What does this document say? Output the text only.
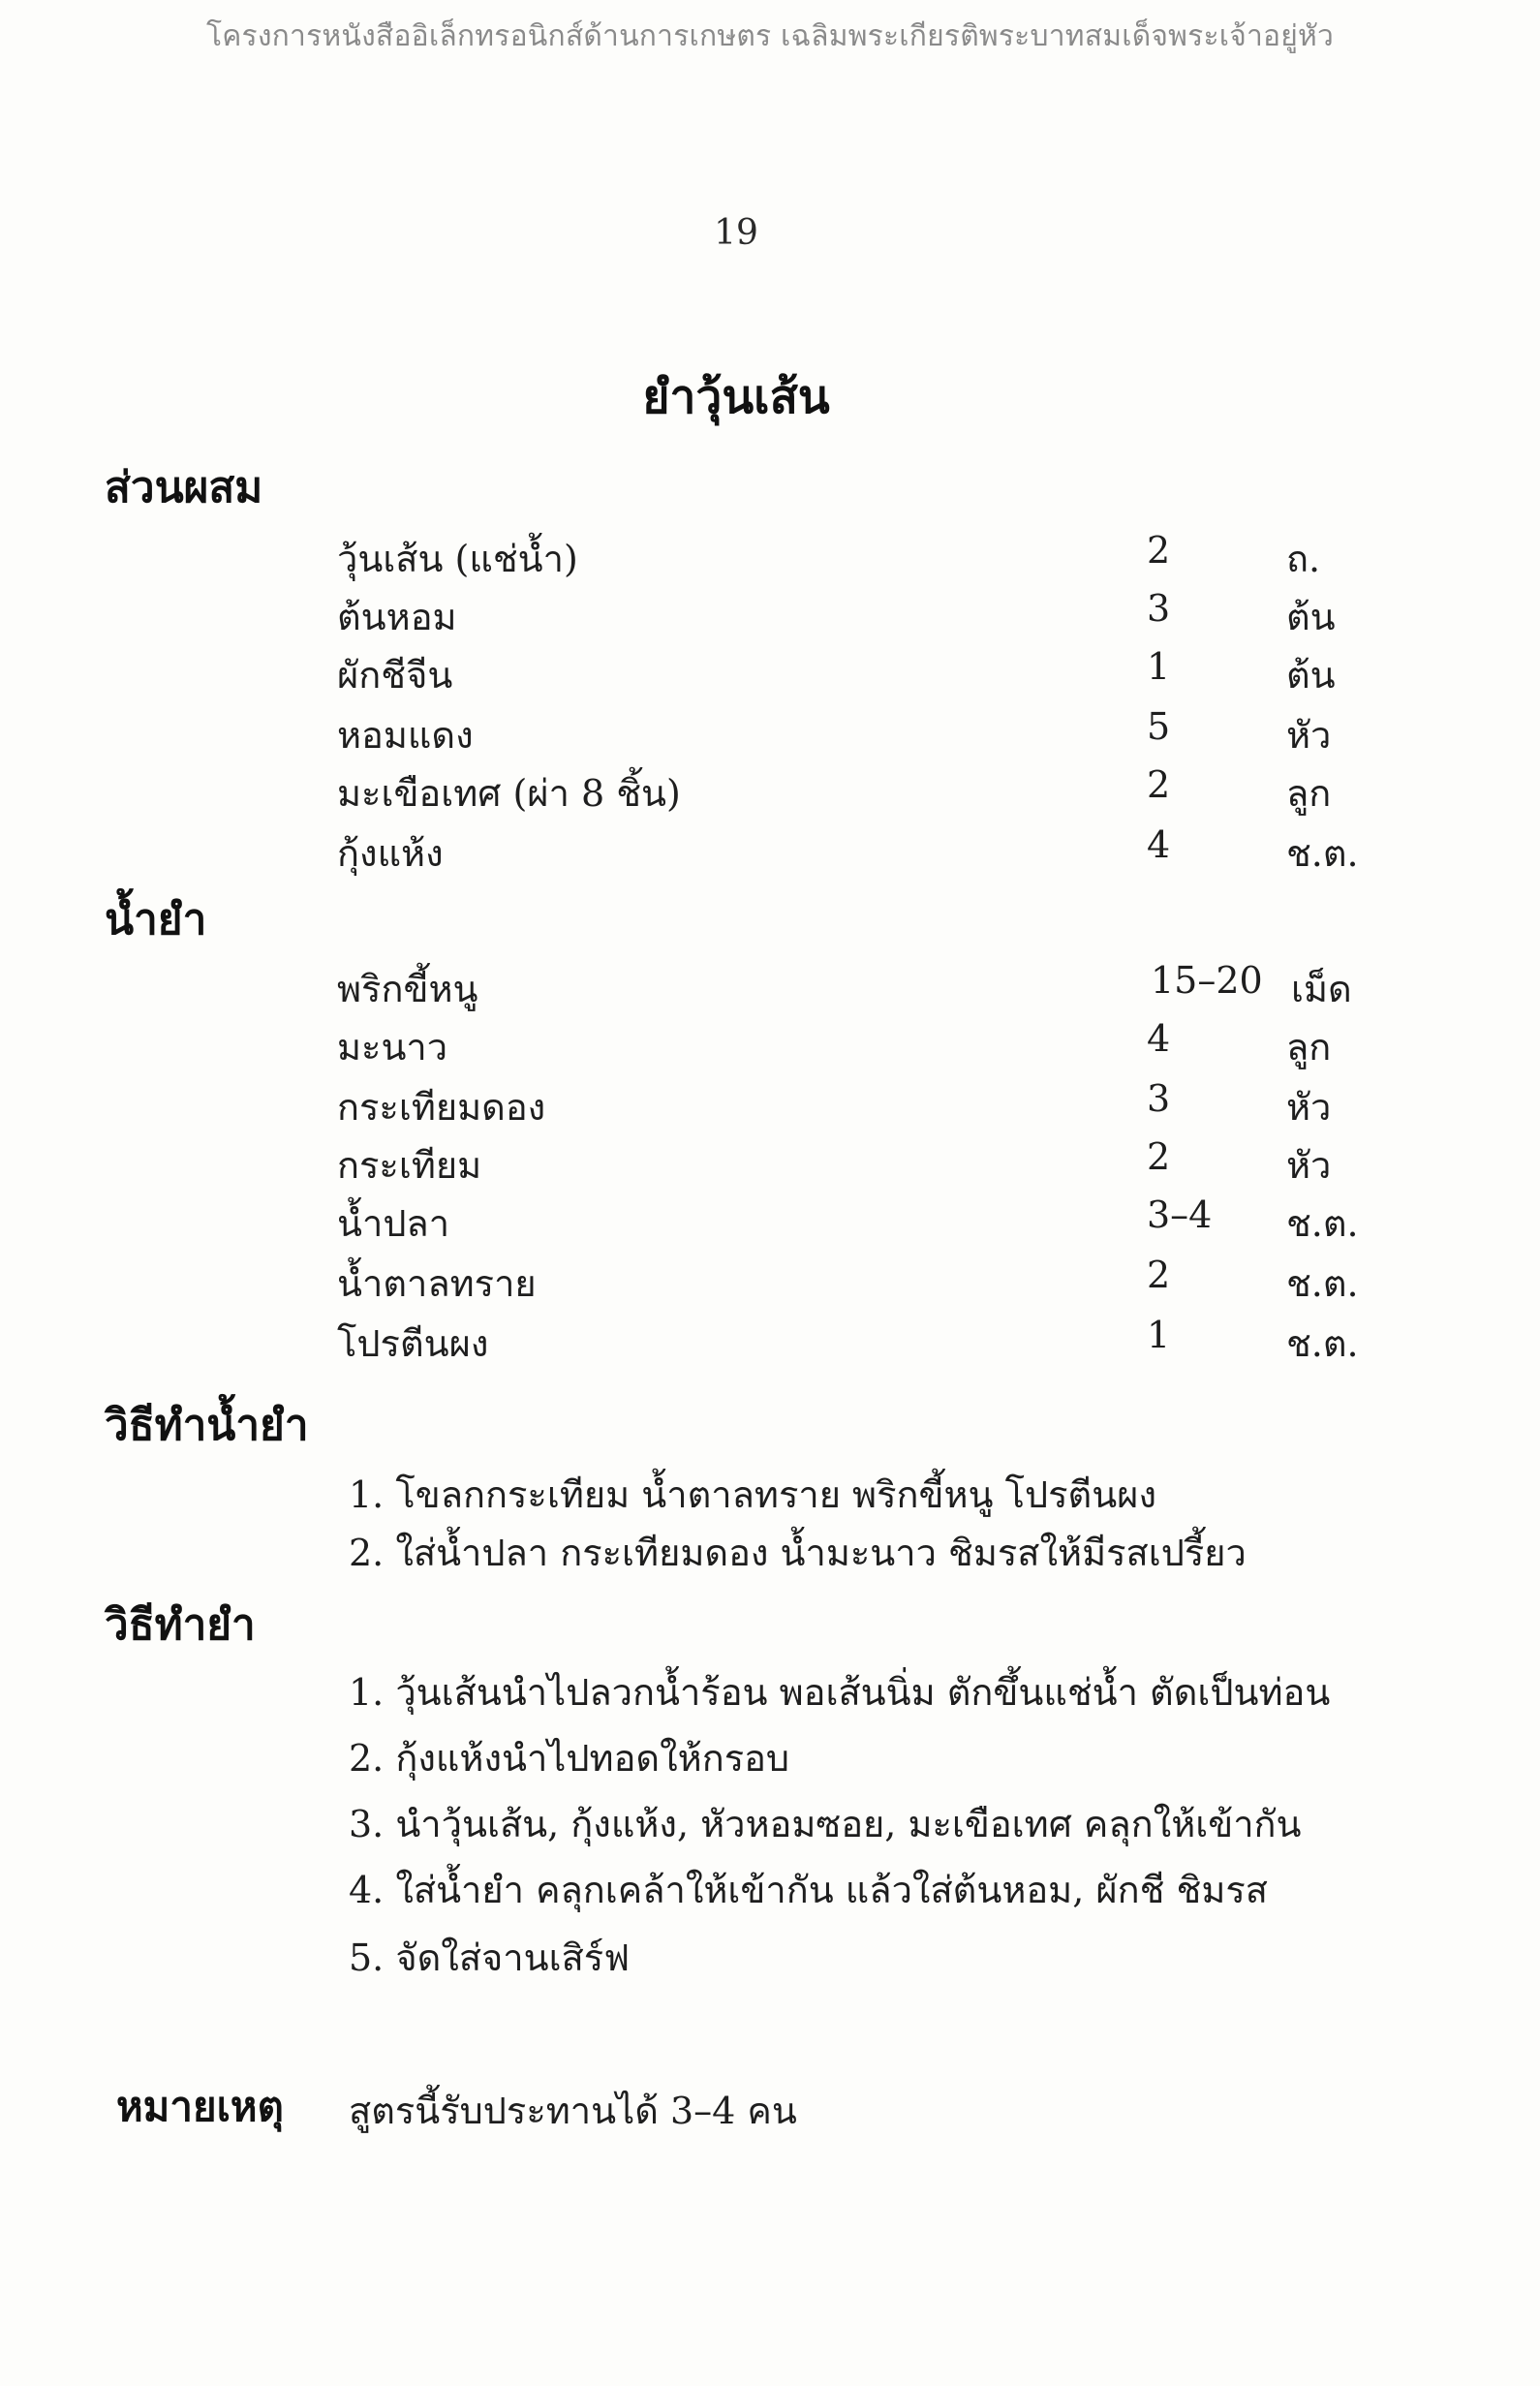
โครงการหนังสืออิเล็กทรอนิกส์ด้านการเกษตร เฉลิมพระเกียรติพระบาทสมเด็จพระเจ้าอยู่หัว
19
ยำวุ้นเส้น
ส่วนผสม
วุ้นเส้น (แช่น้ำ)	2	ถ.
ต้นหอม	3	ต้น
ผักชีจีน	1	ต้น
หอมแดง	5	หัว
มะเขือเทศ (ผ่า 8 ชิ้น)	2	ลูก
กุ้งแห้ง	4	ช.ต.
น้ำยำ
พริกขี้หนู	15–20 เม็ด
มะนาว	4	ลูก
กระเทียมดอง	3	หัว
กระเทียม	2	หัว
น้ำปลา	3–4 ช.ต.
น้ำตาลทราย	2	ช.ต.
โปรตีนผง	1	ช.ต.
วิธีทำน้ำยำ
1. โขลกกระเทียม น้ำตาลทราย พริกขี้หนู โปรตีนผง
2. ใส่น้ำปลา กระเทียมดอง น้ำมะนาว ชิมรสให้มีรสเปรี้ยว
วิธีทำยำ
1. วุ้นเส้นนำไปลวกน้ำร้อน พอเส้นนิ่ม ตักขึ้นแช่น้ำ ตัดเป็นท่อน
2. กุ้งแห้งนำไปทอดให้กรอบ
3. นำวุ้นเส้น, กุ้งแห้ง, หัวหอมซอย, มะเขือเทศ คลุกให้เข้ากัน
4. ใส่น้ำยำ คลุกเคล้าให้เข้ากัน แล้วใส่ต้นหอม, ผักชี ชิมรส
5. จัดใส่จานเสิร์ฟ
หมายเหตุ สูตรนี้รับประทานได้ 3–4 คน
